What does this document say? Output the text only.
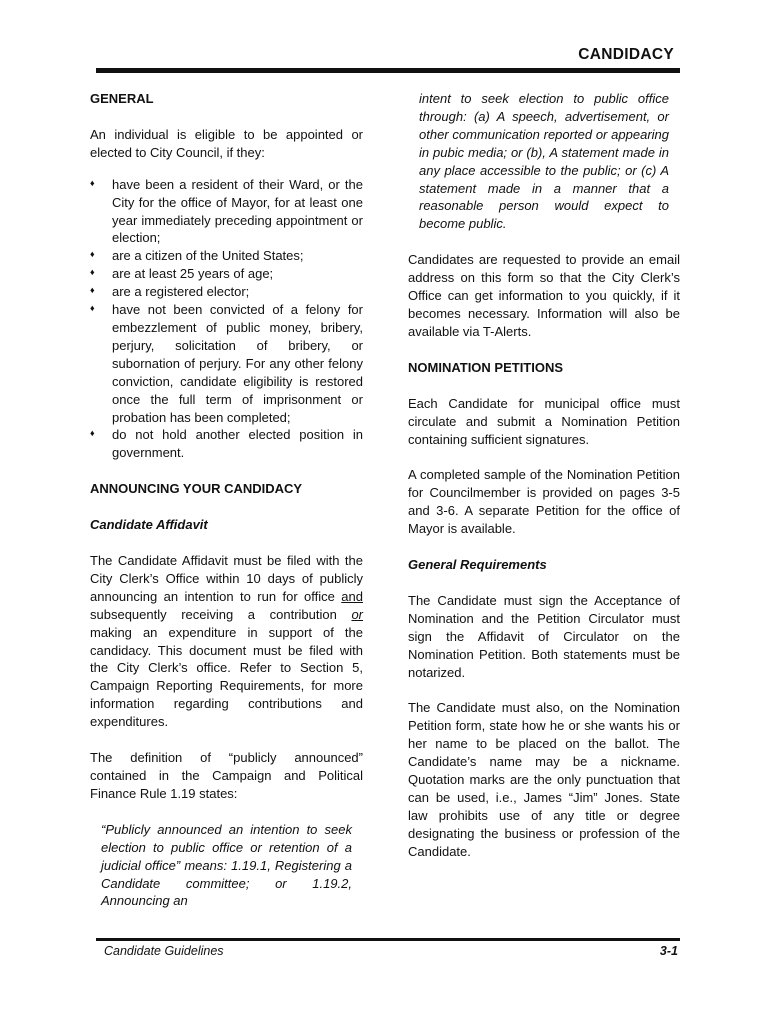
CANDIDACY

GENERAL

An individual is eligible to be appointed or elected to City Council, if they:

♦ have been a resident of their Ward, or the City for the office of Mayor, for at least one year immediately preceding appointment or election;
♦ are a citizen of the United States;
♦ are at least 25 years of age;
♦ are a registered elector;
♦ have not been convicted of a felony for embezzlement of public money, bribery, perjury, solicitation of bribery, or subornation of perjury. For any other felony conviction, candidate eligibility is restored once the full term of imprisonment or probation has been completed;
♦ do not hold another elected position in government.

ANNOUNCING YOUR CANDIDACY

Candidate Affidavit

The Candidate Affidavit must be filed with the City Clerk’s Office within 10 days of publicly announcing an intention to run for office and subsequently receiving a contribution or making an expenditure in support of the candidacy. This document must be filed with the City Clerk’s office. Refer to Section 5, Campaign Reporting Requirements, for more information regarding contributions and expenditures.

The definition of “publicly announced” contained in the Campaign and Political Finance Rule 1.19 states:

“Publicly announced an intention to seek election to public office or retention of a judicial office” means: 1.19.1, Registering a Candidate committee; or 1.19.2, Announcing an

intent to seek election to public office through: (a) A speech, advertisement, or other communication reported or appearing in pubic media; or (b), A statement made in any place accessible to the public; or (c) A statement made in a manner that a reasonable person would expect to become public.

Candidates are requested to provide an email address on this form so that the City Clerk’s Office can get information to you quickly, if it becomes necessary. Information will also be available via T-Alerts.

NOMINATION PETITIONS

Each Candidate for municipal office must circulate and submit a Nomination Petition containing sufficient signatures.

A completed sample of the Nomination Petition for Councilmember is provided on pages 3-5 and 3-6. A separate Petition for the office of Mayor is available.

General Requirements

The Candidate must sign the Acceptance of Nomination and the Petition Circulator must sign the Affidavit of Circulator on the Nomination Petition. Both statements must be notarized.

The Candidate must also, on the Nomination Petition form, state how he or she wants his or her name to be placed on the ballot. The Candidate’s name may be a nickname. Quotation marks are the only punctuation that can be used, i.e., James “Jim” Jones. State law prohibits use of any title or degree designating the business or profession of the Candidate.

Candidate Guidelines	3-1
